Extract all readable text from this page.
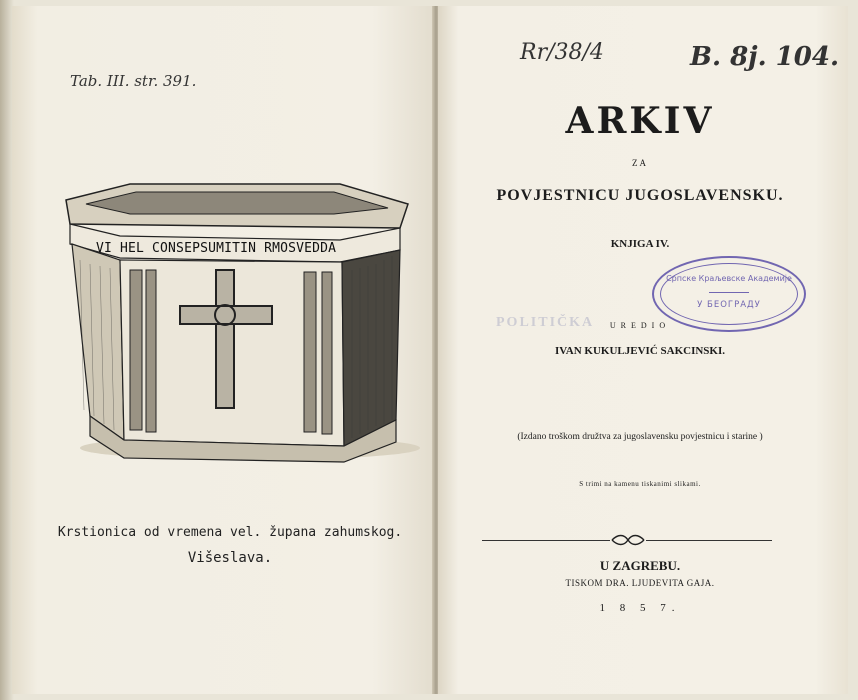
Tab. III. str. 391.
VI HEL CONSEPSUMITIN RMOSVEDDA
Krstionica od vremena vel. župana zahumskog.
Višeslava.
Rr/38/4	B. 8j. 104.
POLITIČKA
ARKIV
ZA
POVJESTNICU JUGOSLAVENSKU.
KNJIGA IV.
Српске Краљевске Академије
У БЕОГРАДУ
UREDIO
IVAN KUKULJEVIĆ SAKCINSKI.
(Izdano troškom družtva za jugoslavensku povjestnicu i starine )
S trimi na kamenu tiskanimi slikami.
U ZAGREBU.
TISKOM DRA. LJUDEVITA GAJA.
1 8 5 7.
